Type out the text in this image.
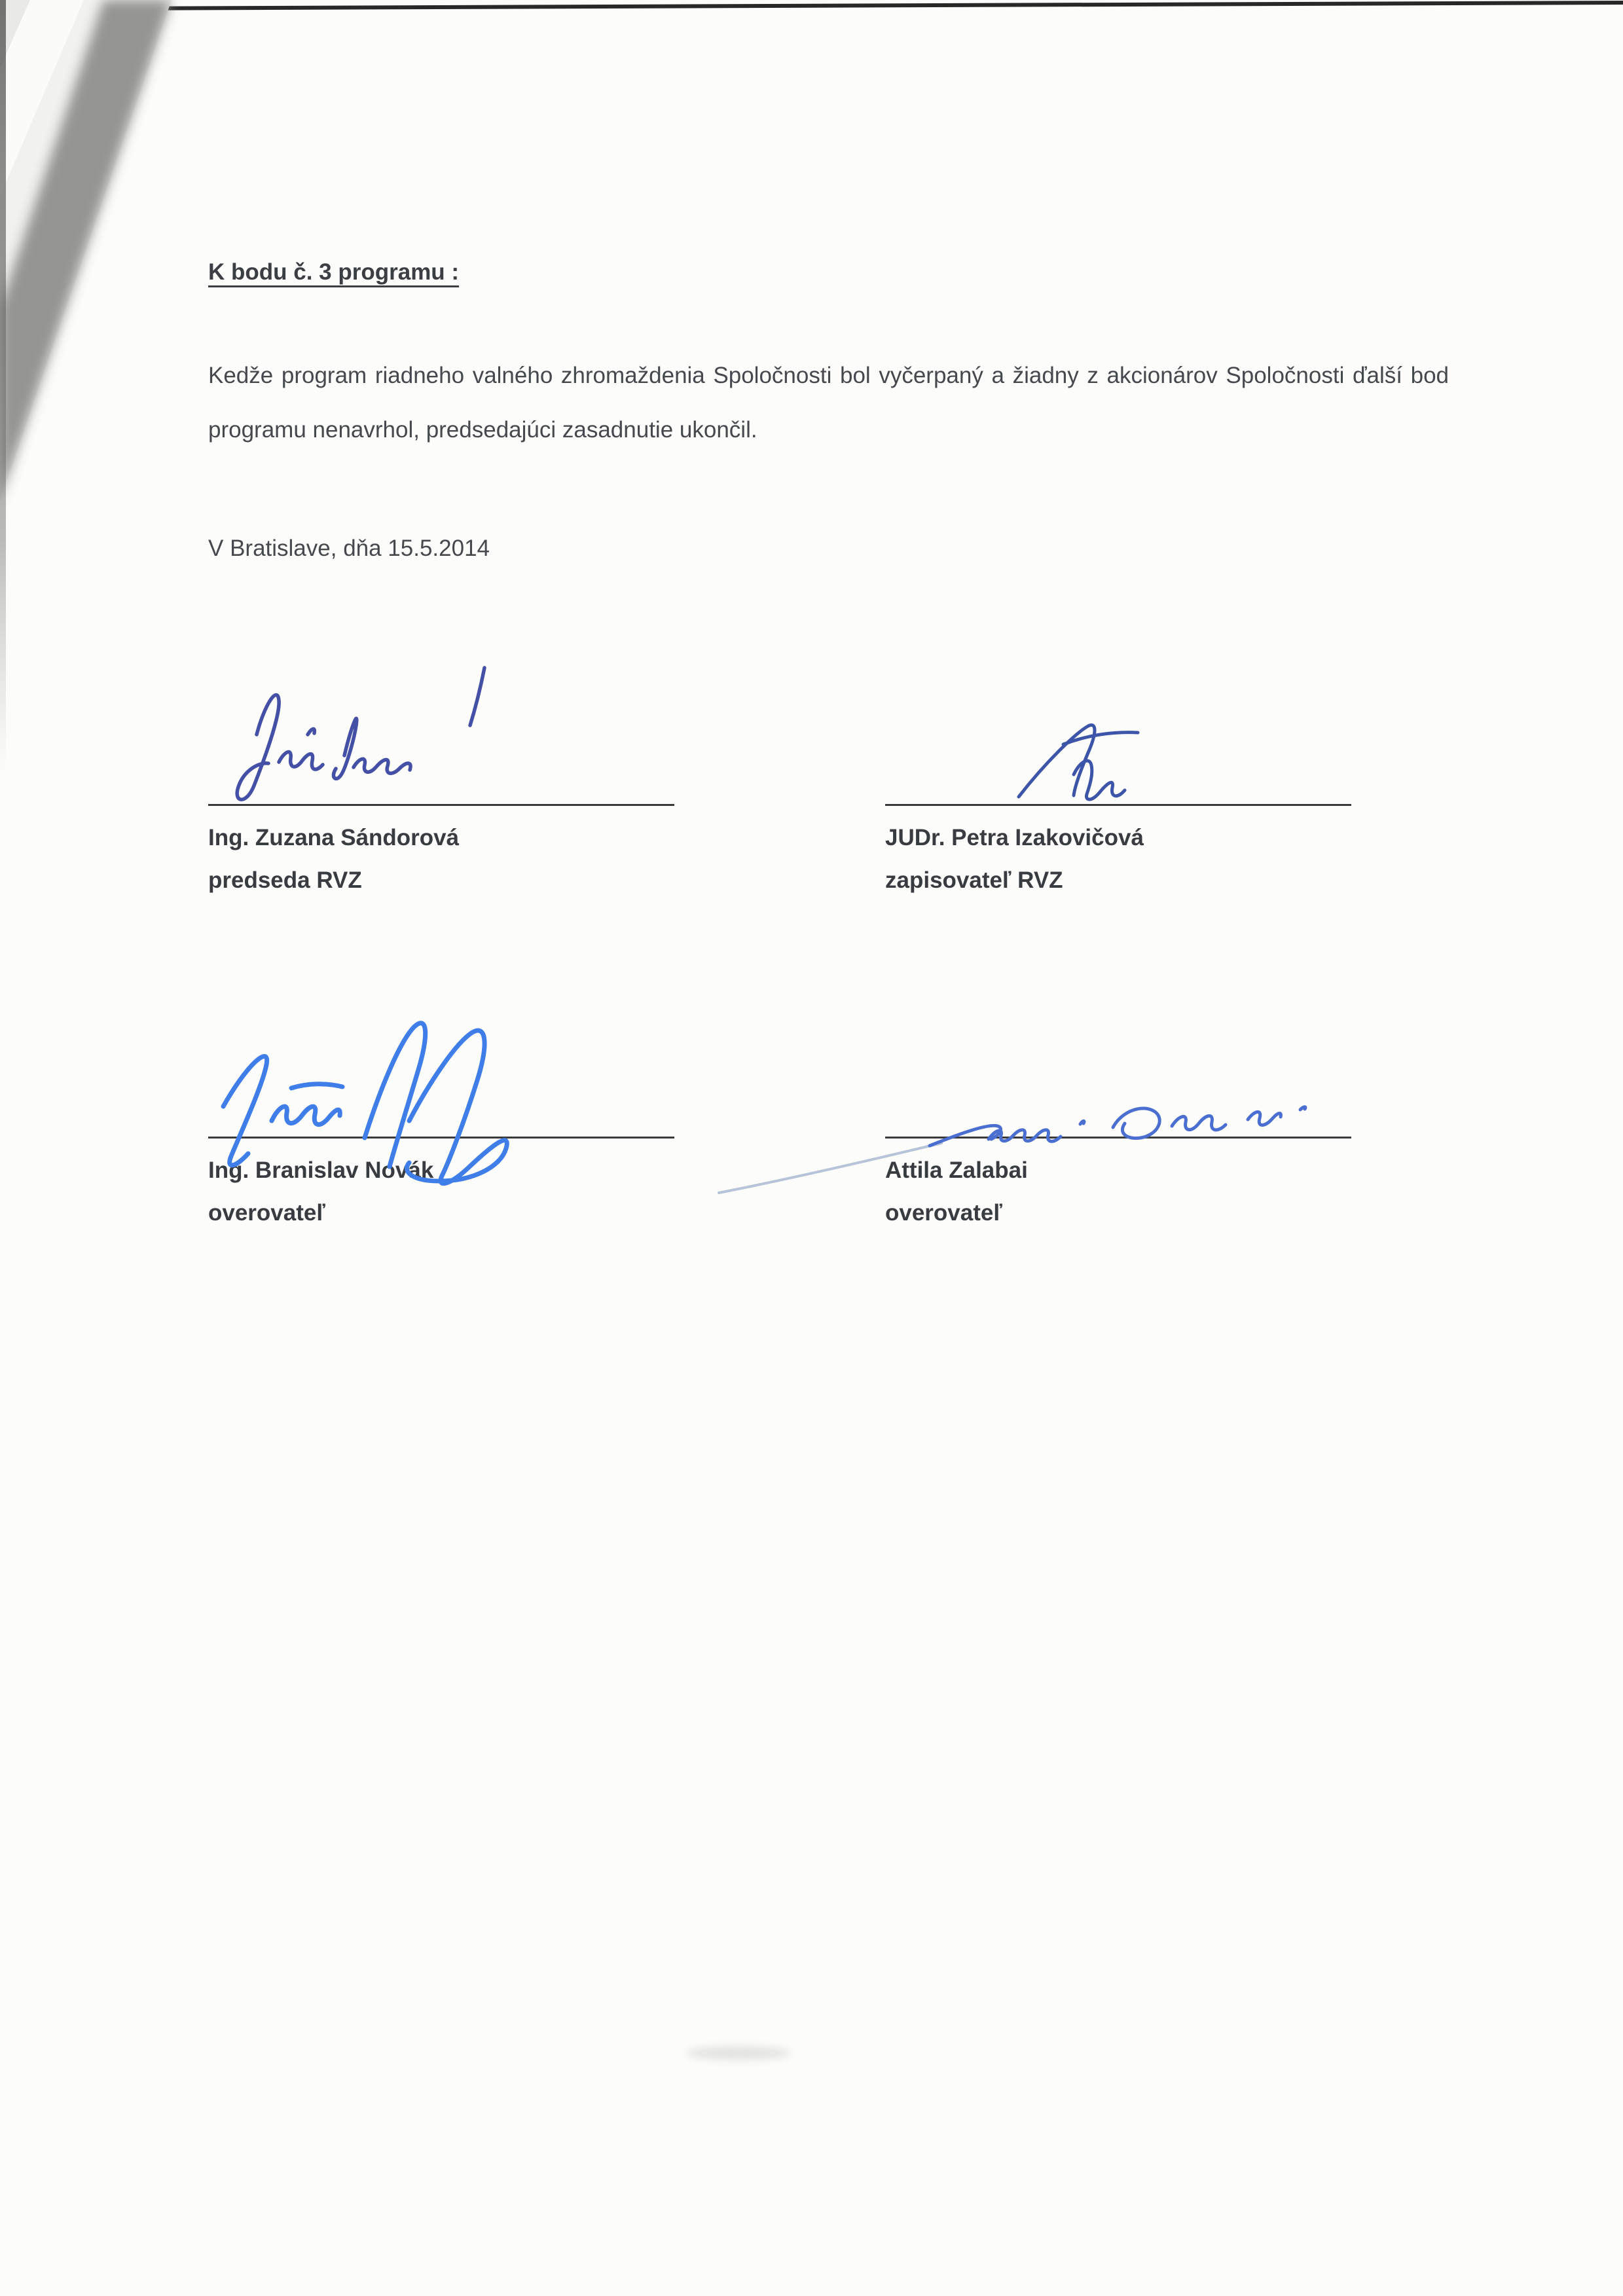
K bodu č. 3 programu :
Kedže program riadneho valného zhromaždenia Spoločnosti bol vyčerpaný a žiadny z akcionárov Spoločnosti ďalší bod programu nenavrhol, predsedajúci zasadnutie ukončil.
V Bratislave, dňa 15.5.2014
Ing. Zuzana Sándorová
predseda RVZ
JUDr. Petra Izakovičová
zapisovateľ RVZ
Ing. Branislav Novák
overovateľ
Attila Zalabai
overovateľ
